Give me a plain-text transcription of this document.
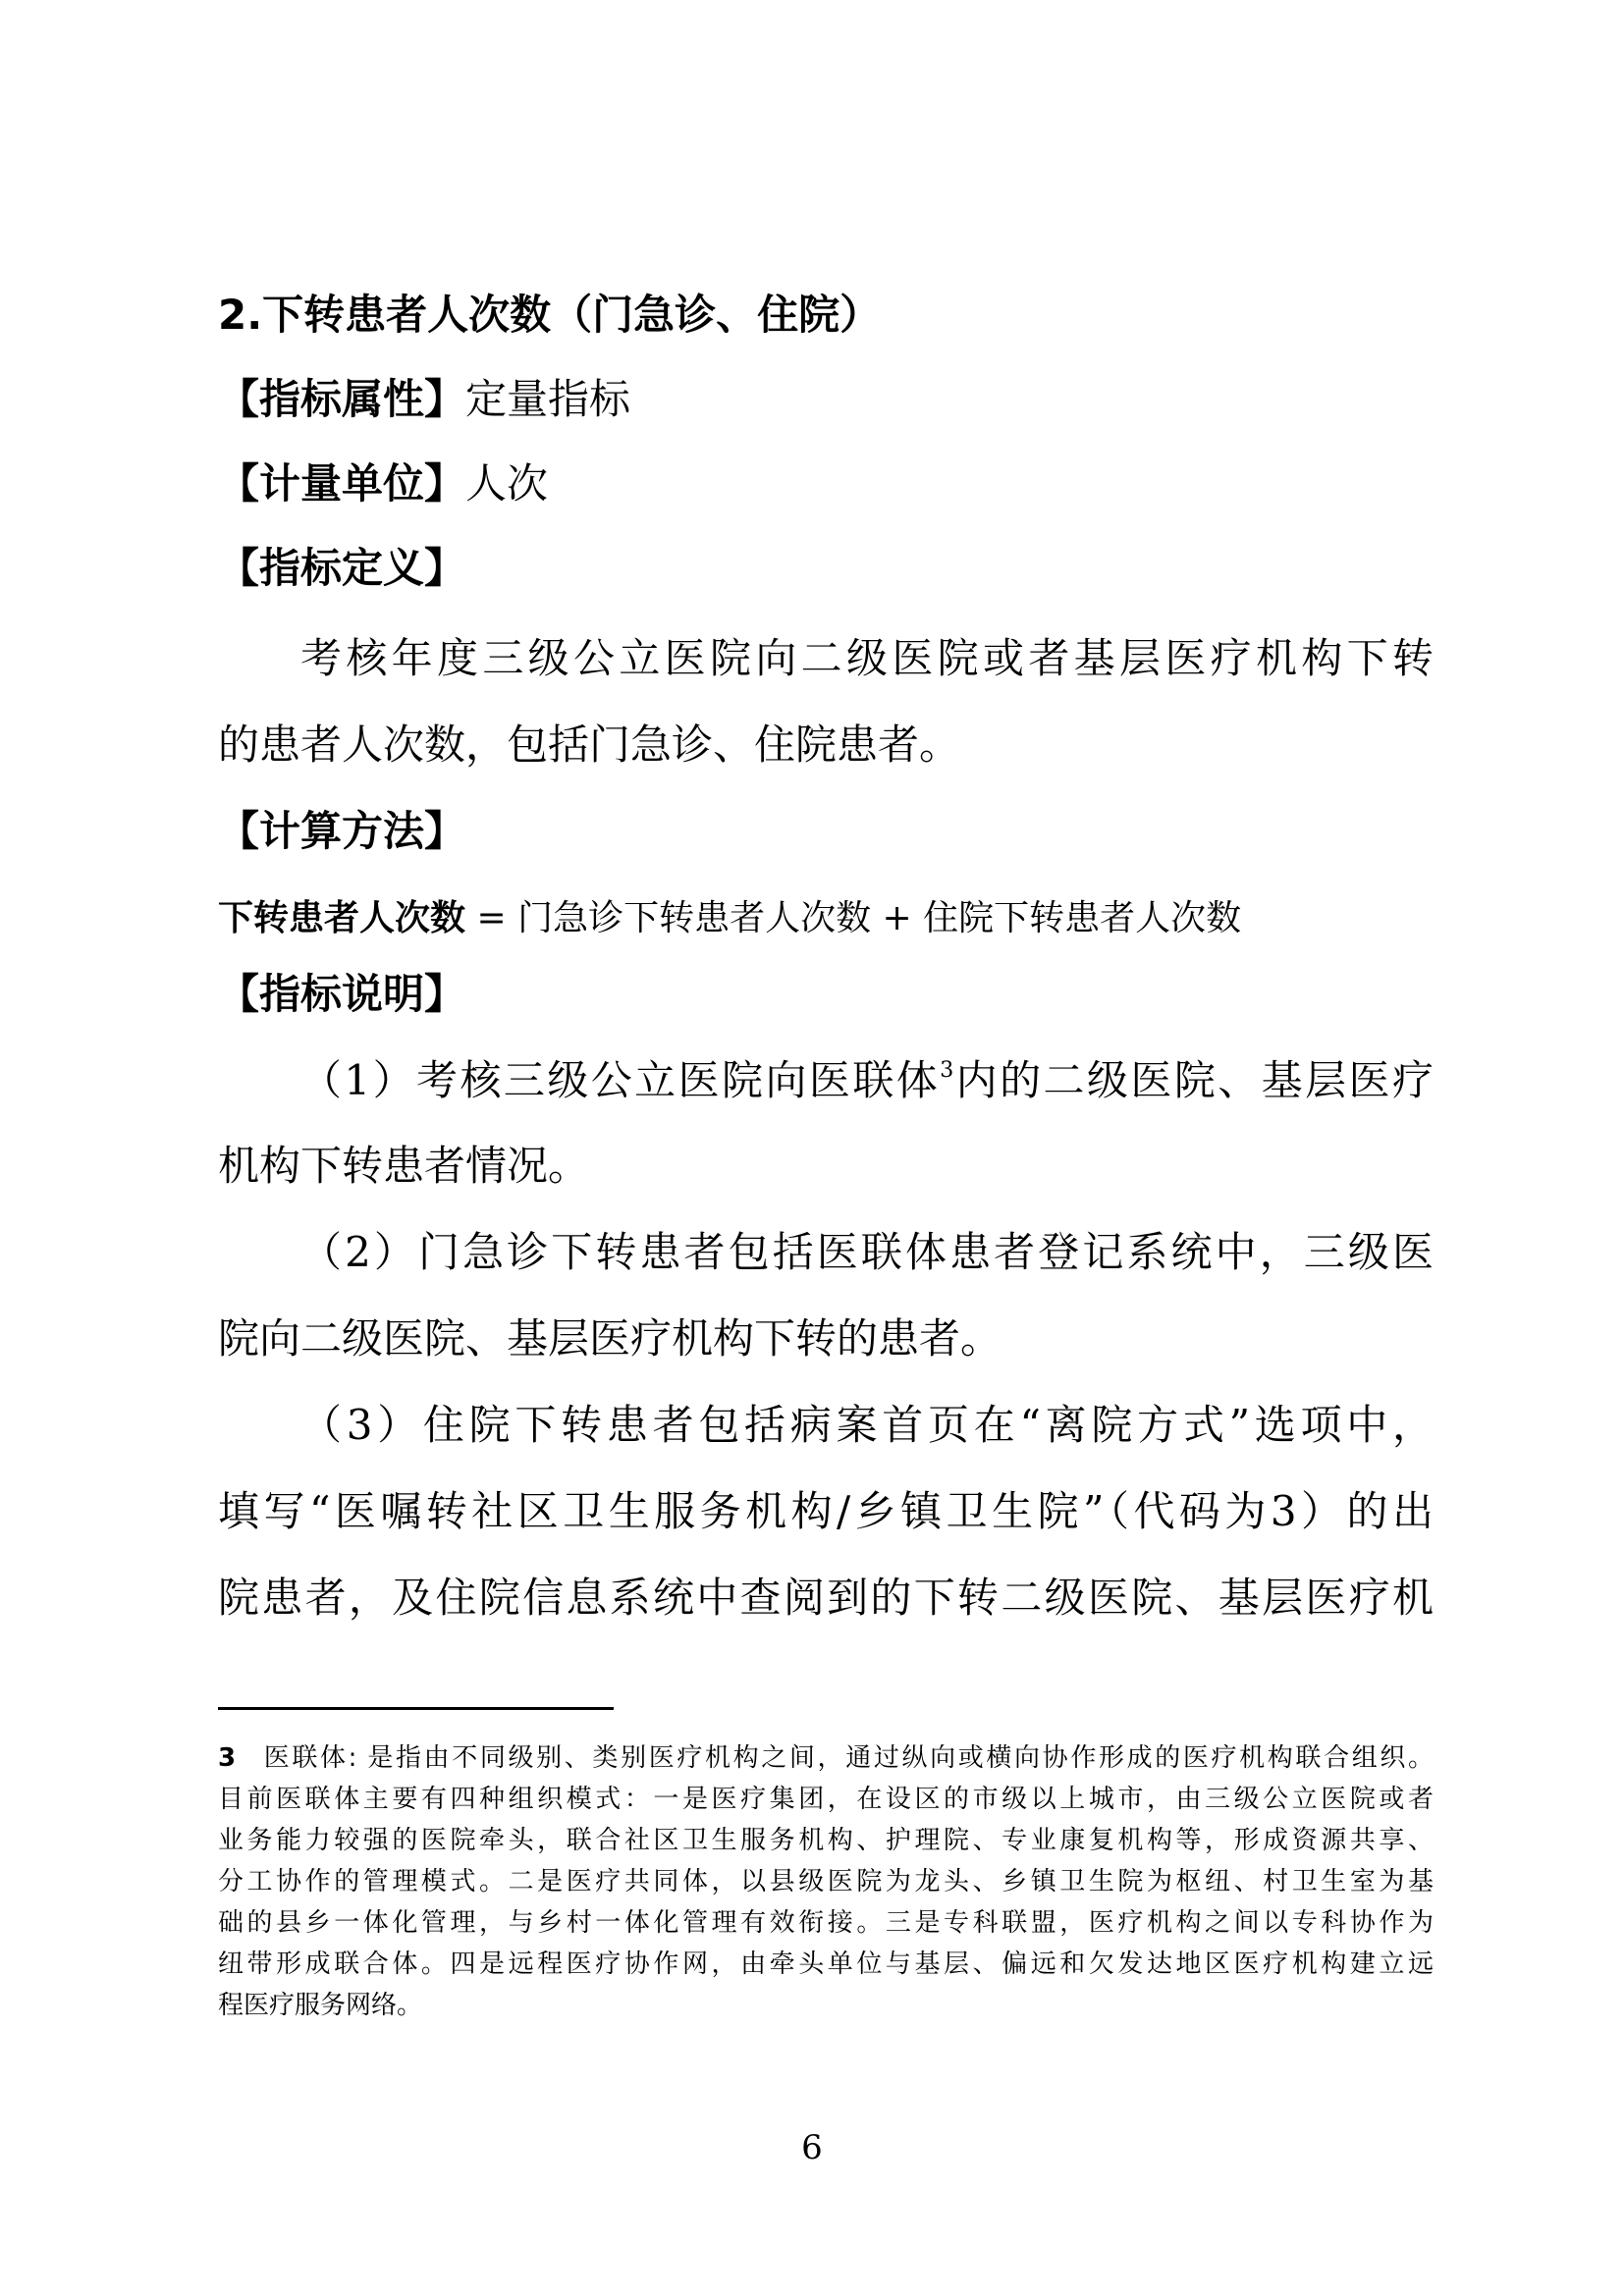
2.下转患者人次数（门急诊、住院）
【指标属性】定量指标
【计量单位】人次
【指标定义】
考核年度三级公立医院向二级医院或者基层医疗机构下转
的患者人次数，包括门急诊、住院患者。
【计算方法】
下转患者人次数 = 门急诊下转患者人次数 + 住院下转患者人次数
【指标说明】
（1）考核三级公立医院向医联体$^3$内的二级医院、基层医疗
机构下转患者情况。
（2）门急诊下转患者包括医联体患者登记系统中，三级医
院向二级医院、基层医疗机构下转的患者。
（3）住院下转患者包括病案首页在“离院方式”选项中，
填写“医嘱转社区卫生服务机构/乡镇卫生院”（代码为3）的出
院患者，及住院信息系统中查阅到的下转二级医院、基层医疗机
3 医联体: 是指由不同级别、类别医疗机构之间，通过纵向或横向协作形成的医疗机构联合组织。
目前医联体主要有四种组织模式：一是医疗集团，在设区的市级以上城市，由三级公立医院或者
业务能力较强的医院牵头，联合社区卫生服务机构、护理院、专业康复机构等，形成资源共享、
分工协作的管理模式。二是医疗共同体，以县级医院为龙头、乡镇卫生院为枢纽、村卫生室为基
础的县乡一体化管理，与乡村一体化管理有效衔接。三是专科联盟，医疗机构之间以专科协作为
纽带形成联合体。四是远程医疗协作网，由牵头单位与基层、偏远和欠发达地区医疗机构建立远
程医疗服务网络。
6
